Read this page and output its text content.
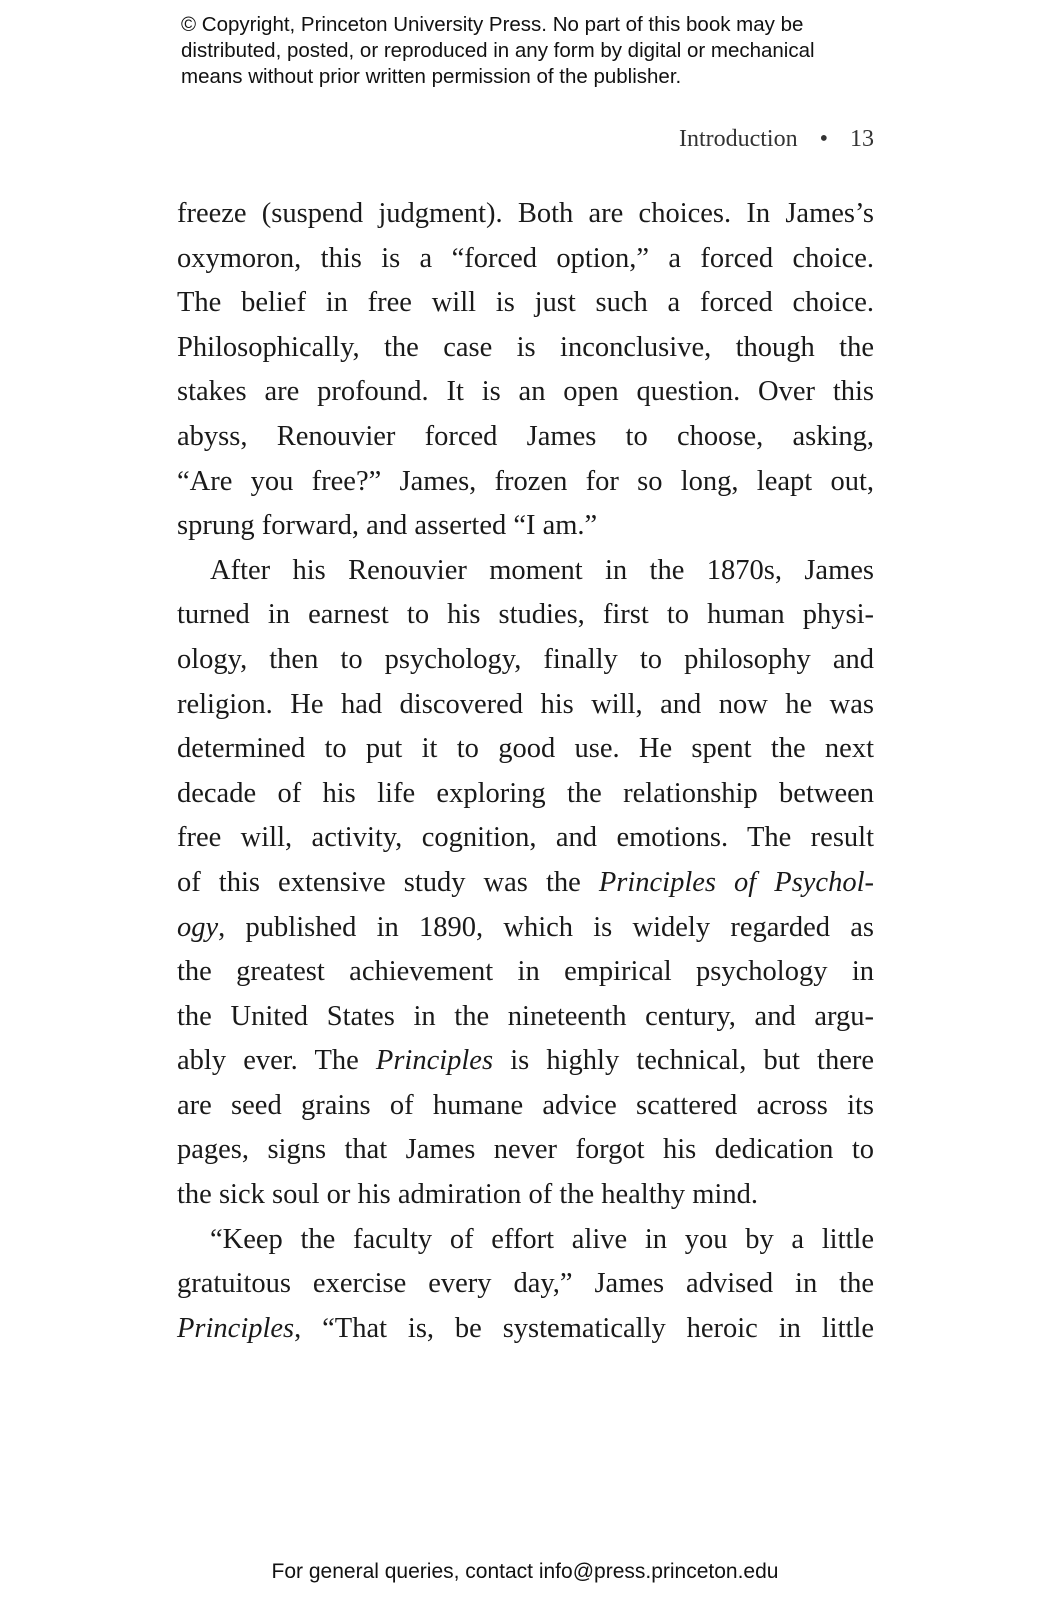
© Copyright, Princeton University Press. No part of this book may be
distributed, posted, or reproduced in any form by digital or mechanical
means without prior written permission of the publisher.
Introduction • 13
freeze (suspend judgment). Both are choices. In James’s
oxymoron, this is a “forced option,” a forced choice.
The belief in free will is just such a forced choice.
Philosophically, the case is inconclusive, though the
stakes are profound. It is an open question. Over this
abyss, Renouvier forced James to choose, asking,
“Are you free?” James, frozen for so long, leapt out,
sprung forward, and asserted “I am.”
After his Renouvier moment in the 1870s, James
turned in earnest to his studies, first to human physi-
ology, then to psychology, finally to philosophy and
religion. He had discovered his will, and now he was
determined to put it to good use. He spent the next
decade of his life exploring the relationship between
free will, activity, cognition, and emotions. The result
of this extensive study was the Principles of Psychol-
ogy, published in 1890, which is widely regarded as
the greatest achievement in empirical psychology in
the United States in the nineteenth century, and argu-
ably ever. The Principles is highly technical, but there
are seed grains of humane advice scattered across its
pages, signs that James never forgot his dedication to
the sick soul or his admiration of the healthy mind.
“Keep the faculty of effort alive in you by a little
gratuitous exercise every day,” James advised in the
Principles, “That is, be systematically heroic in little
For general queries, contact info@press.princeton.edu
